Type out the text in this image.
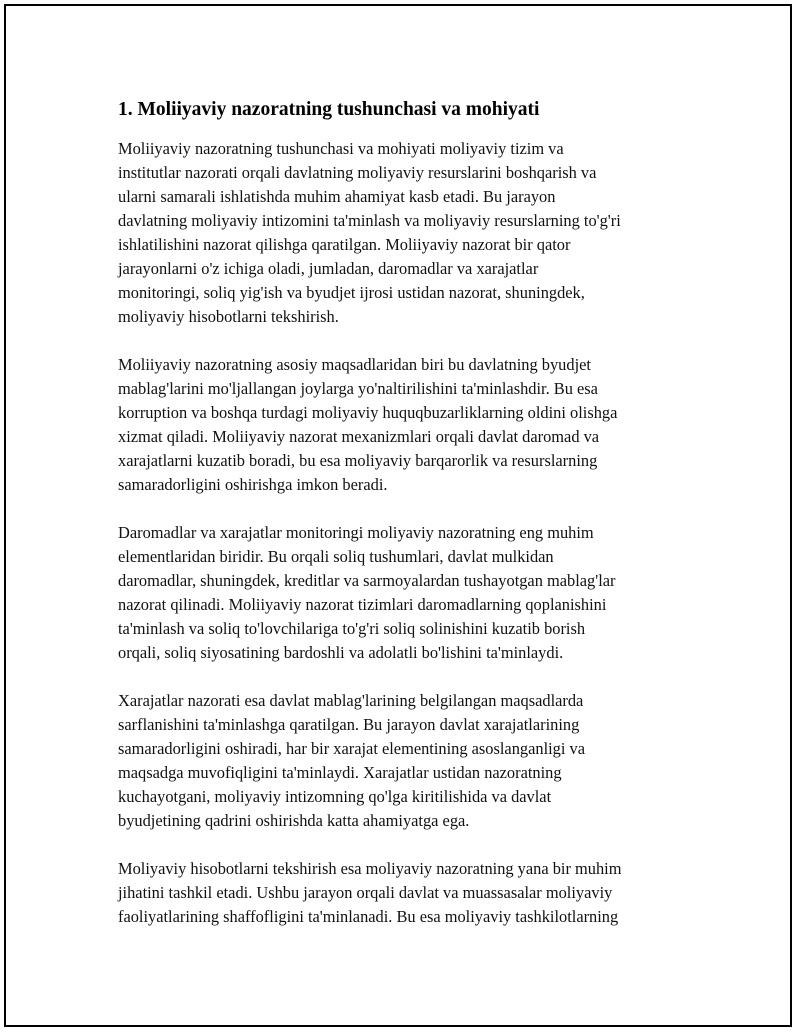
1. Moliiyaviy nazoratning tushunchasi va mohiyati

Moliiyaviy nazoratning tushunchasi va mohiyati moliyaviy tizim va
institutlar nazorati orqali davlatning moliyaviy resurslarini boshqarish va
ularni samarali ishlatishda muhim ahamiyat kasb etadi. Bu jarayon
davlatning moliyaviy intizomini ta'minlash va moliyaviy resurslarning to'g'ri
ishlatilishini nazorat qilishga qaratilgan. Moliiyaviy nazorat bir qator
jarayonlarni o'z ichiga oladi, jumladan, daromadlar va xarajatlar
monitoringi, soliq yig'ish va byudjet ijrosi ustidan nazorat, shuningdek,
moliyaviy hisobotlarni tekshirish.

Moliiyaviy nazoratning asosiy maqsadlaridan biri bu davlatning byudjet
mablag'larini mo'ljallangan joylarga yo'naltirilishini ta'minlashdir. Bu esa
korruption va boshqa turdagi moliyaviy huquqbuzarliklarning oldini olishga
xizmat qiladi. Moliiyaviy nazorat mexanizmlari orqali davlat daromad va
xarajatlarni kuzatib boradi, bu esa moliyaviy barqarorlik va resurslarning
samaradorligini oshirishga imkon beradi.

Daromadlar va xarajatlar monitoringi moliyaviy nazoratning eng muhim
elementlaridan biridir. Bu orqali soliq tushumlari, davlat mulkidan
daromadlar, shuningdek, kreditlar va sarmoyalardan tushayotgan mablag'lar
nazorat qilinadi. Moliiyaviy nazorat tizimlari daromadlarning qoplanishini
ta'minlash va soliq to'lovchilariga to'g'ri soliq solinishini kuzatib borish
orqali, soliq siyosatining bardoshli va adolatli bo'lishini ta'minlaydi.

Xarajatlar nazorati esa davlat mablag'larining belgilangan maqsadlarda
sarflanishini ta'minlashga qaratilgan. Bu jarayon davlat xarajatlarining
samaradorligini oshiradi, har bir xarajat elementining asoslanganligi va
maqsadga muvofiqligini ta'minlaydi. Xarajatlar ustidan nazoratning
kuchayotgani, moliyaviy intizomning qo'lga kiritilishida va davlat
byudjetining qadrini oshirishda katta ahamiyatga ega.

Moliyaviy hisobotlarni tekshirish esa moliyaviy nazoratning yana bir muhim
jihatini tashkil etadi. Ushbu jarayon orqali davlat va muassasalar moliyaviy
faoliyatlarining shaffofligini ta'minlanadi. Bu esa moliyaviy tashkilotlarning
